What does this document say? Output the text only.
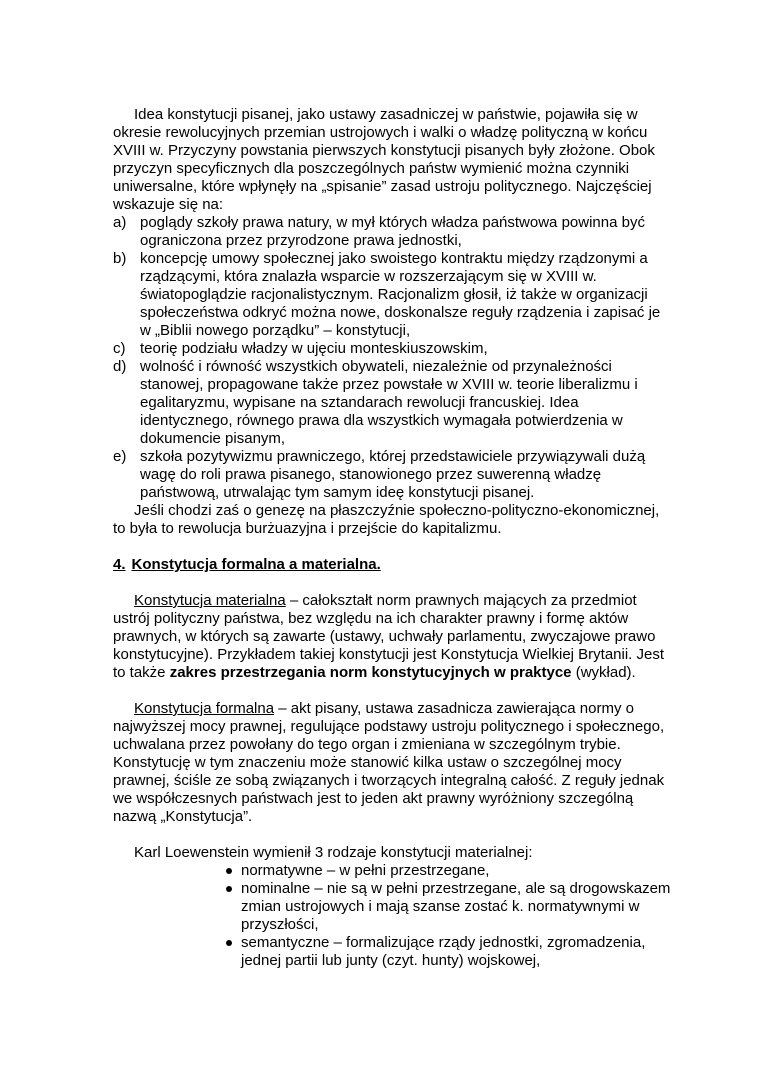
Idea konstytucji pisanej, jako ustawy zasadniczej w państwie, pojawiła się w okresie rewolucyjnych przemian ustrojowych i walki o władzę polityczną w końcu XVIII w. Przyczyny powstania pierwszych konstytucji pisanych były złożone. Obok przyczyn specyficznych dla poszczególnych państw wymienić można czynniki uniwersalne, które wpłynęły na „spisanie” zasad ustroju politycznego. Najczęściej wskazuje się na:

a) poglądy szkoły prawa natury, w mył których władza państwowa powinna być ograniczona przez przyrodzone prawa jednostki,
b) koncepcję umowy społecznej jako swoistego kontraktu między rządzonymi a rządzącymi, która znalazła wsparcie w rozszerzającym się w XVIII w. światopoglądzie racjonalistycznym. Racjonalizm głosił, iż także w organizacji społeczeństwa odkryć można nowe, doskonalsze reguły rządzenia i zapisać je w „Biblii nowego porządku” – konstytucji,
c) teorię podziału władzy w ujęciu monteskiuszowskim,
d) wolność i równość wszystkich obywateli, niezależnie od przynależności stanowej, propagowane także przez powstałe w XVIII w. teorie liberalizmu i egalitaryzmu, wypisane na sztandarach rewolucji francuskiej. Idea identycznego, równego prawa dla wszystkich wymagała potwierdzenia w dokumencie pisanym,
e) szkoła pozytywizmu prawniczego, której przedstawiciele przywiązywali dużą wagę do roli prawa pisanego, stanowionego przez suwerenną władzę państwową, utrwalając tym samym ideę konstytucji pisanej.

Jeśli chodzi zaś o genezę na płaszczyźnie społeczno-polityczno-ekonomicznej, to była to rewolucja burżuazyjna i przejście do kapitalizmu.

4. Konstytucja formalna a materialna.

Konstytucja materialna – całokształt norm prawnych mających za przedmiot ustrój polityczny państwa, bez względu na ich charakter prawny i formę aktów prawnych, w których są zawarte (ustawy, uchwały parlamentu, zwyczajowe prawo konstytucyjne). Przykładem takiej konstytucji jest Konstytucja Wielkiej Brytanii. Jest to także zakres przestrzegania norm konstytucyjnych w praktyce (wykład).

Konstytucja formalna – akt pisany, ustawa zasadnicza zawierająca normy o najwyższej mocy prawnej, regulujące podstawy ustroju politycznego i społecznego, uchwalana przez powołany do tego organ i zmieniana w szczególnym trybie. Konstytucję w tym znaczeniu może stanowić kilka ustaw o szczególnej mocy prawnej, ściśle ze sobą związanych i tworzących integralną całość. Z reguły jednak we współczesnych państwach jest to jeden akt prawny wyróżniony szczególną nazwą „Konstytucja”.

Karl Loewenstein wymienił 3 rodzaje konstytucji materialnej:

normatywne – w pełni przestrzegane,
nominalne – nie są w pełni przestrzegane, ale są drogowskazem zmian ustrojowych i mają szanse zostać k. normatywnymi w przyszłości,
semantyczne – formalizujące rządy jednostki, zgromadzenia, jednej partii lub junty (czyt. hunty) wojskowej,
